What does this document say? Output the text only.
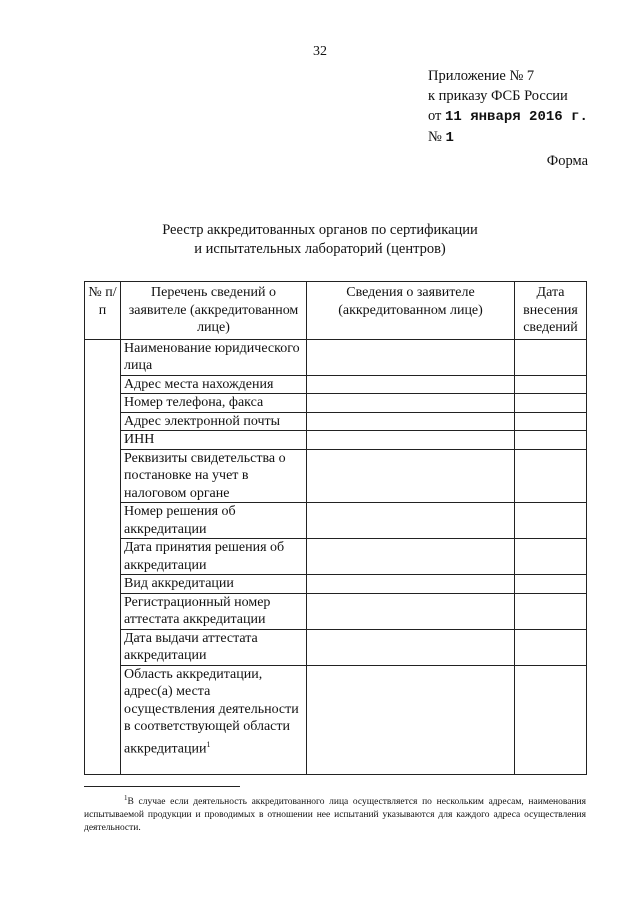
32
Приложение № 7
к приказу ФСБ России
от 11 января 2016 г.
№ 1
Форма
Реестр аккредитованных органов по сертификации
и испытательных лабораторий (центров)
№ п/п	Перечень сведений о заявителе (аккредитованном лице)	Сведения о заявителе (аккредитованном лице)	Дата внесения сведений
	Наименование юридического лица		
	Адрес места нахождения		
	Номер телефона, факса		
	Адрес электронной почты		
	ИНН		
	Реквизиты свидетельства о постановке на учет в налоговом органе		
	Номер решения об аккредитации		
	Дата принятия решения об аккредитации		
	Вид аккредитации		
	Регистрационный номер аттестата аккредитации		
	Дата выдачи аттестата аккредитации		
	Область аккредитации, адрес(а) места осуществления деятельности в соответствующей области аккредитации$^1$		
$^1$В случае если деятельность аккредитованного лица осуществляется по нескольким адресам, наименования испытываемой продукции и проводимых в отношении нее испытаний указываются для каждого адреса осуществления деятельности.
